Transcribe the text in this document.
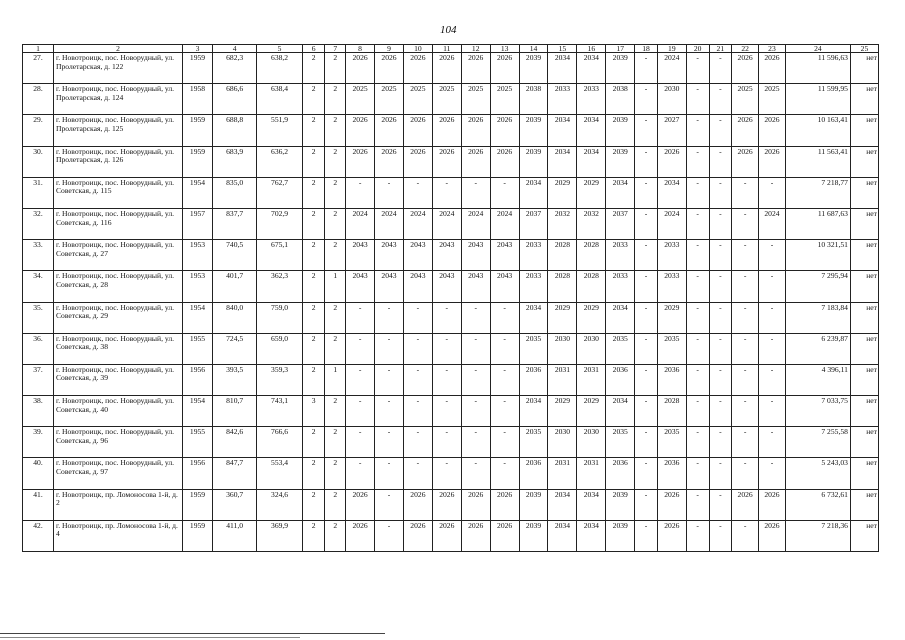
104
1	2	3	4	5	6	7	8	9	10	11	12	13	14	15	16	17	18	19	20	21	22	23	24	25
27.	г. Новотроицк, пос. Новорудный, ул. Пролетарская, д. 122	1959	682,3	638,2	2	2	2026	2026	2026	2026	2026	2026	2039	2034	2034	2039	-	2024	-	-	2026	2026	11 596,63	нет
28.	г. Новотроицк, пос. Новорудный, ул. Пролетарская, д. 124	1958	686,6	638,4	2	2	2025	2025	2025	2025	2025	2025	2038	2033	2033	2038	-	2030	-	-	2025	2025	11 599,95	нет
29.	г. Новотроицк, пос. Новорудный, ул. Пролетарская, д. 125	1959	688,8	551,9	2	2	2026	2026	2026	2026	2026	2026	2039	2034	2034	2039	-	2027	-	-	2026	2026	10 163,41	нет
30.	г. Новотроицк, пос. Новорудный, ул. Пролетарская, д. 126	1959	683,9	636,2	2	2	2026	2026	2026	2026	2026	2026	2039	2034	2034	2039	-	2026	-	-	2026	2026	11 563,41	нет
31.	г. Новотроицк, пос. Новорудный, ул. Советская, д. 115	1954	835,0	762,7	2	2	-	-	-	-	-	-	2034	2029	2029	2034	-	2034	-	-	-	-	7 218,77	нет
32.	г. Новотроицк, пос. Новорудный, ул. Советская, д. 116	1957	837,7	702,9	2	2	2024	2024	2024	2024	2024	2024	2037	2032	2032	2037	-	2024	-	-	-	2024	11 687,63	нет
33.	г. Новотроицк, пос. Новорудный, ул. Советская, д. 27	1953	740,5	675,1	2	2	2043	2043	2043	2043	2043	2043	2033	2028	2028	2033	-	2033	-	-	-	-	10 321,51	нет
34.	г. Новотроицк, пос. Новорудный, ул. Советская, д. 28	1953	401,7	362,3	2	1	2043	2043	2043	2043	2043	2043	2033	2028	2028	2033	-	2033	-	-	-	-	7 295,94	нет
35.	г. Новотроицк, пос. Новорудный, ул. Советская, д. 29	1954	840,0	759,0	2	2	-	-	-	-	-	-	2034	2029	2029	2034	-	2029	-	-	-	-	7 183,84	нет
36.	г. Новотроицк, пос. Новорудный, ул. Советская, д. 38	1955	724,5	659,0	2	2	-	-	-	-	-	-	2035	2030	2030	2035	-	2035	-	-	-	-	6 239,87	нет
37.	г. Новотроицк, пос. Новорудный, ул. Советская, д. 39	1956	393,5	359,3	2	1	-	-	-	-	-	-	2036	2031	2031	2036	-	2036	-	-	-	-	4 396,11	нет
38.	г. Новотроицк, пос. Новорудный, ул. Советская, д. 40	1954	810,7	743,1	3	2	-	-	-	-	-	-	2034	2029	2029	2034	-	2028	-	-	-	-	7 033,75	нет
39.	г. Новотроицк, пос. Новорудный, ул. Советская, д. 96	1955	842,6	766,6	2	2	-	-	-	-	-	-	2035	2030	2030	2035	-	2035	-	-	-	-	7 255,58	нет
40.	г. Новотроицк, пос. Новорудный, ул. Советская, д. 97	1956	847,7	553,4	2	2	-	-	-	-	-	-	2036	2031	2031	2036	-	2036	-	-	-	-	5 243,03	нет
41.	г. Новотроицк, пр. Ломоносова 1-й, д. 2	1959	360,7	324,6	2	2	2026	-	2026	2026	2026	2026	2039	2034	2034	2039	-	2026	-	-	2026	2026	6 732,61	нет
42.	г. Новотроицк, пр. Ломоносова 1-й, д. 4	1959	411,0	369,9	2	2	2026	-	2026	2026	2026	2026	2039	2034	2034	2039	-	2026	-	-	-	2026	7 218,36	нет
